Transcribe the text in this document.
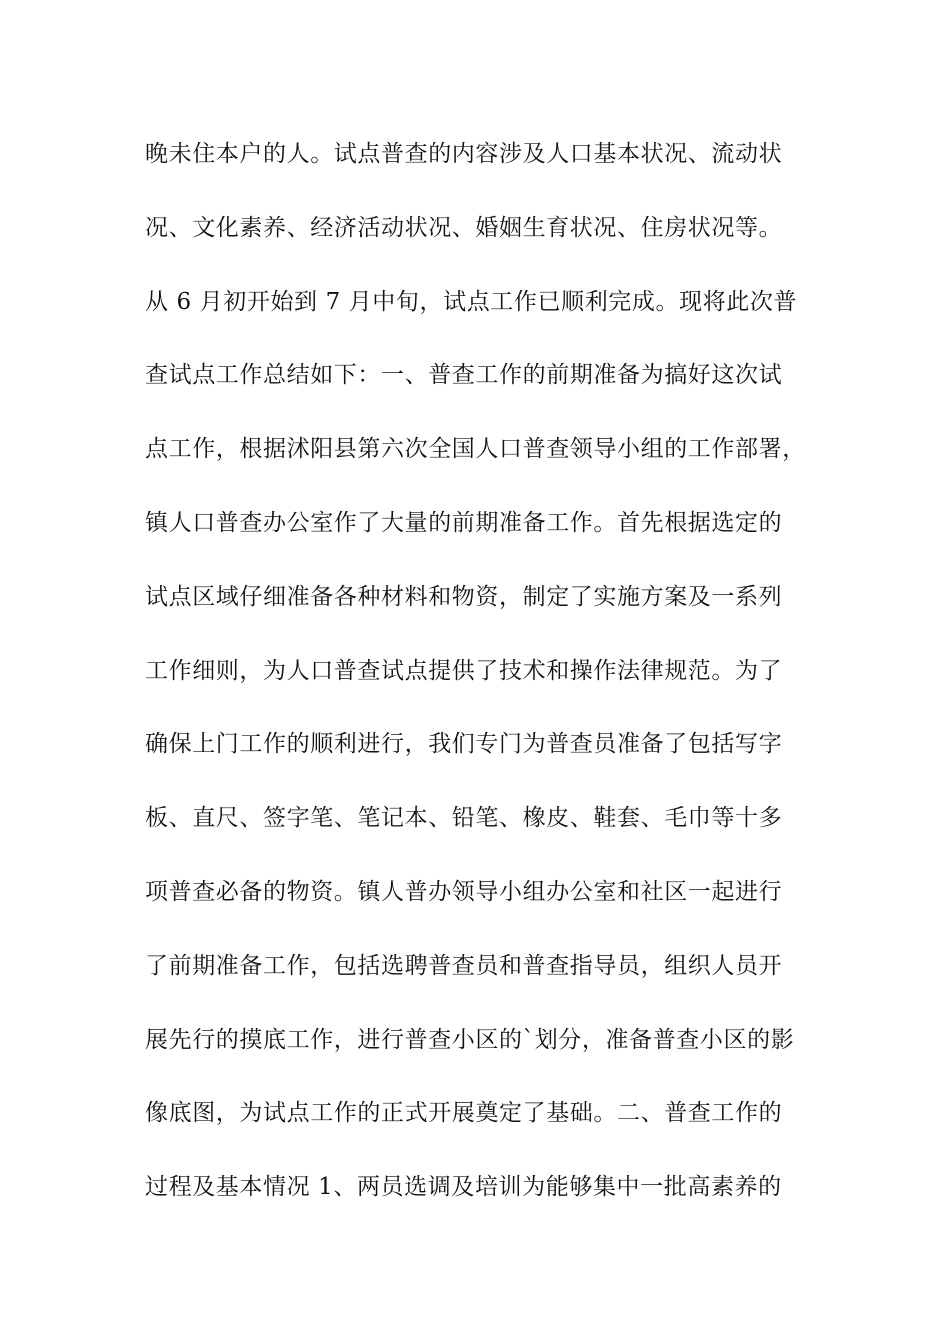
晚未住本户的人。试点普查的内容涉及人口基本状况、流动状
况、文化素养、经济活动状况、婚姻生育状况、住房状况等。
从 6 月初开始到 7 月中旬，试点工作已顺利完成。现将此次普
查试点工作总结如下：一、普查工作的前期准备为搞好这次试
点工作，根据沭阳县第六次全国人口普查领导小组的工作部署，
镇人口普查办公室作了大量的前期准备工作。首先根据选定的
试点区域仔细准备各种材料和物资，制定了实施方案及一系列
工作细则，为人口普查试点提供了技术和操作法律规范。为了
确保上门工作的顺利进行，我们专门为普查员准备了包括写字
板、直尺、签字笔、笔记本、铅笔、橡皮、鞋套、毛巾等十多
项普查必备的物资。镇人普办领导小组办公室和社区一起进行
了前期准备工作，包括选聘普查员和普查指导员，组织人员开
展先行的摸底工作，进行普查小区的`划分，准备普查小区的影
像底图，为试点工作的正式开展奠定了基础。二、普查工作的
过程及基本情况 1、两员选调及培训为能够集中一批高素养的
